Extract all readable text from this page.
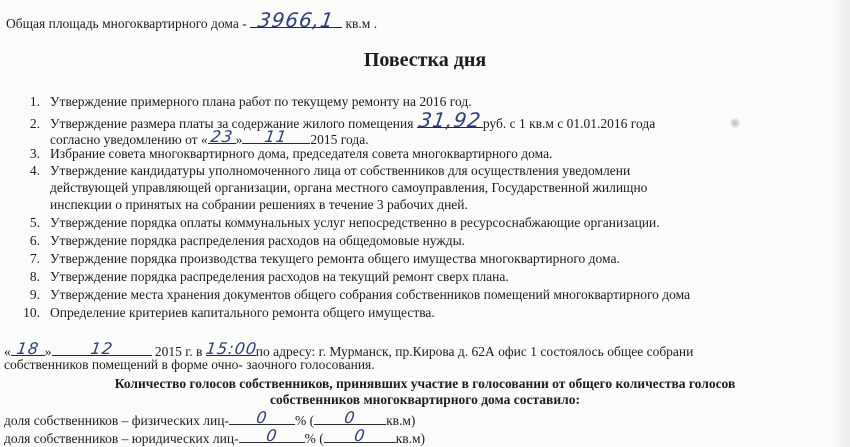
Общая площадь многоквартирного дома - 3966,1 кв.м .
Повестка дня
1. Утверждение примерного плана работ по текущему ремонту на 2016 год.
2. Утверждение размера платы за содержание жилого помещения 31,92 руб. с 1 кв.м с 01.01.2016 года
согласно уведомлению от « 23 »	11	2015 года.
3. Избрание совета многоквартирного дома, председателя совета многоквартирного дома.
4. Утверждение кандидатуры уполномоченного лица от собственников для осуществления уведомлени
действующей управляющей организации, органа местного самоуправления, Государственной жилищно
инспекции о принятых на собрании решениях в течение 3 рабочих дней.
5. Утверждение порядка оплаты коммунальных услуг непосредственно в ресурсоснабжающие организации.
6. Утверждение порядка распределения расходов на общедомовые нужды.
7. Утверждение порядка производства текущего ремонта общего имущества многоквартирного дома.
8. Утверждение порядка распределения расходов на текущий ремонт сверх плана.
9. Утверждение места хранения документов общего собрания собственников помещений многоквартирного дома
10. Определение критериев капитального ремонта общего имущества.
« 18 »	12	2015 г. в 15:00
по адресу: г. Мурманск, пр.Кирова д. 62А офис 1 состоялось общее собрани
собственников помещений в форме очно- заочного голосования.
Количество голосов собственников, принявших участие в голосовании от общего количества голосов
собственников многоквартирного дома составило:
доля собственников – физических лиц-	0	% (	0	кв.м)
доля собственников – юридических лиц-	0	% (	0	кв.м)
